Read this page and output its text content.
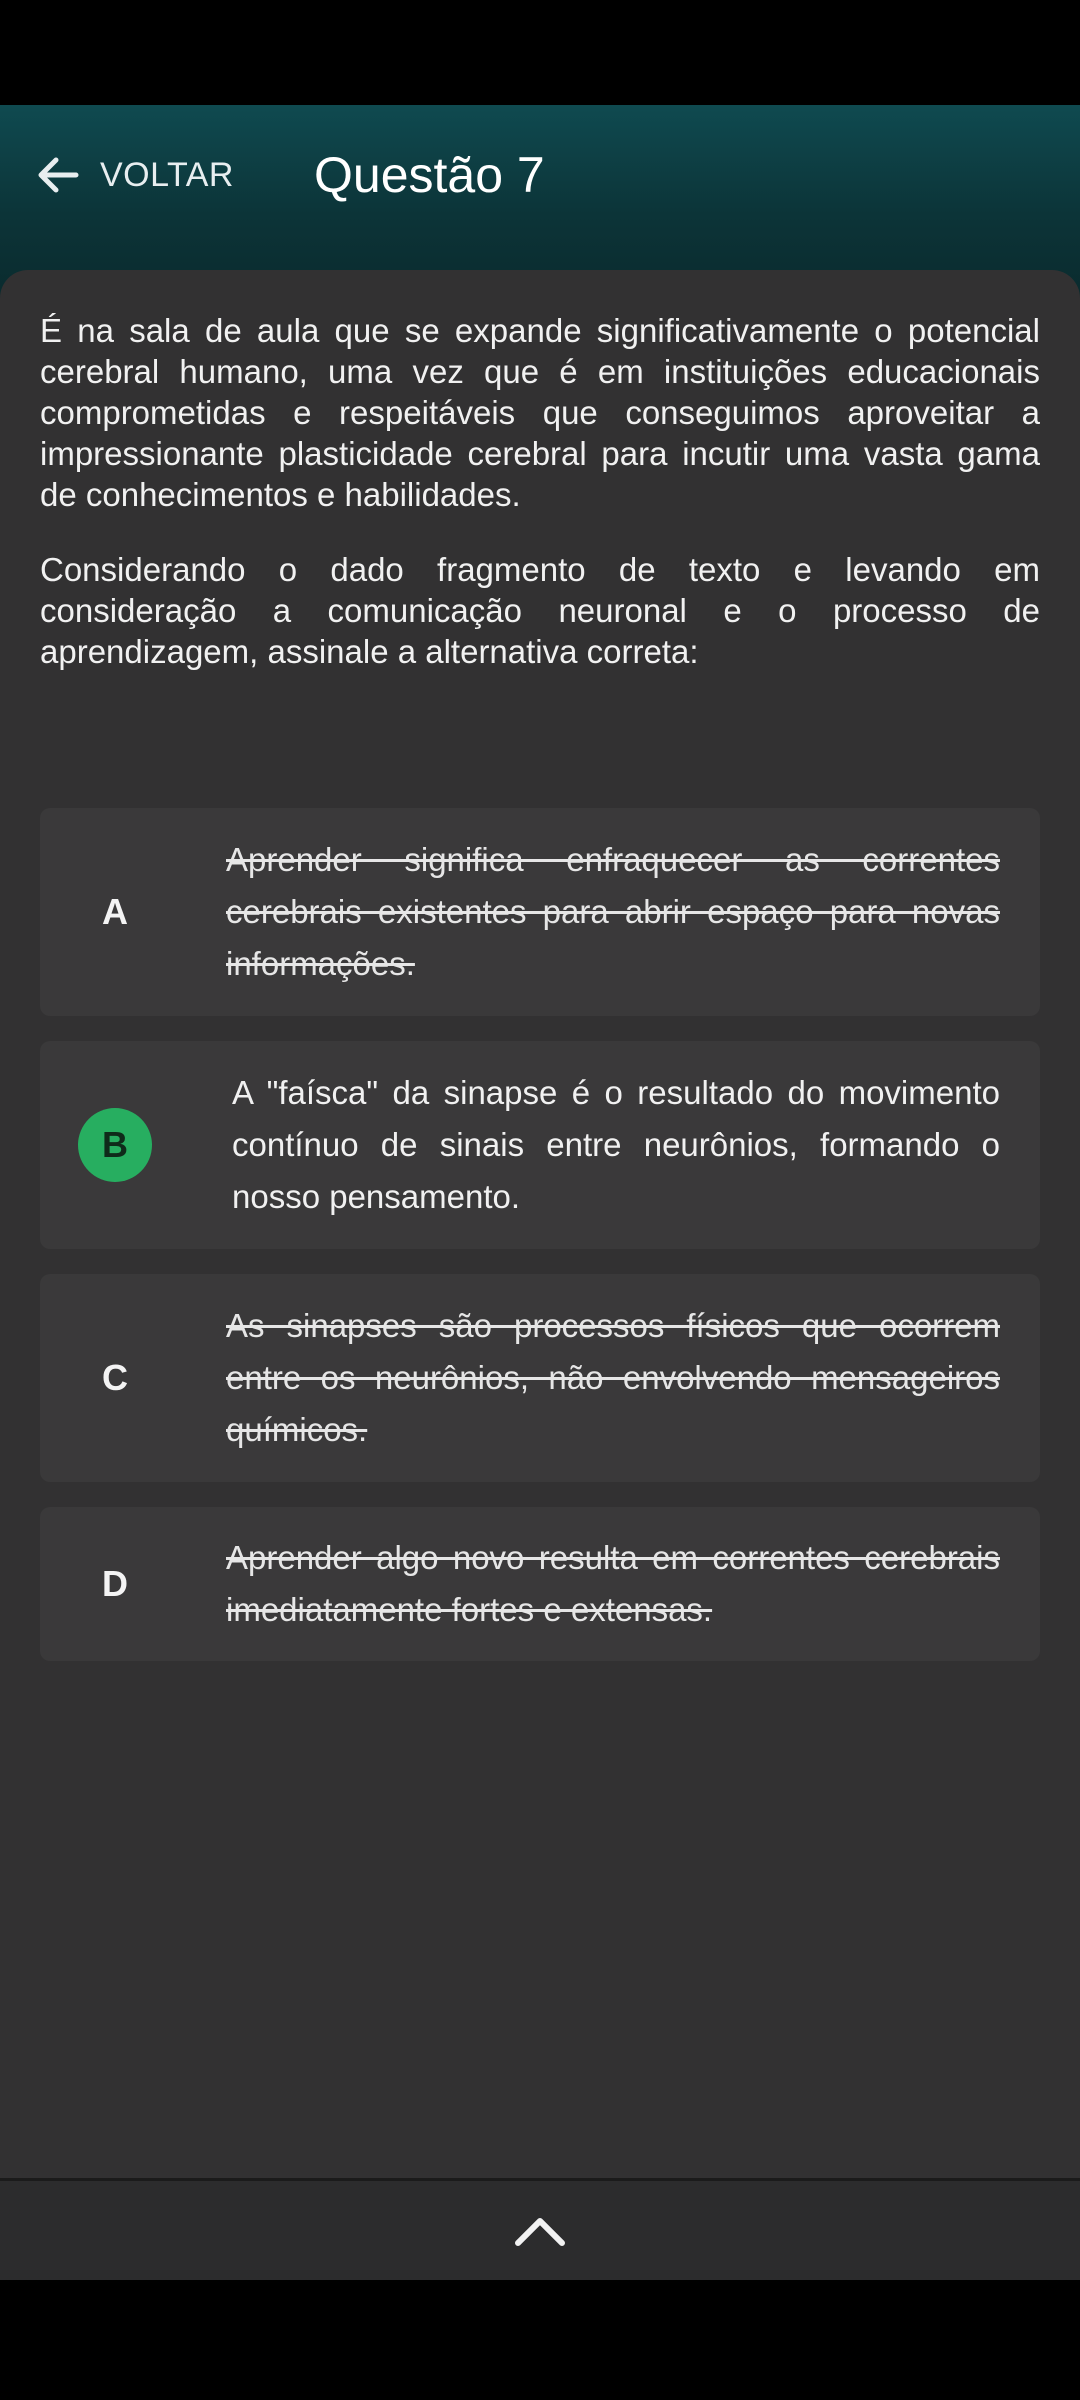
VOLTAR Questão 7

É na sala de aula que se expande significativamente o potencial cerebral humano, uma vez que é em instituições educacionais comprometidas e respeitáveis que conseguimos aproveitar a impressionante plasticidade cerebral para incutir uma vasta gama de conhecimentos e habilidades.

Considerando o dado fragmento de texto e levando em consideração a comunicação neuronal e o processo de aprendizagem, assinale a alternativa correta:

A
Aprender significa enfraquecer as correntes cerebrais existentes para abrir espaço para novas informações.
B
A "faísca" da sinapse é o resultado do movimento contínuo de sinais entre neurônios, formando o nosso pensamento.
C
As sinapses são processos físicos que ocorrem entre os neurônios, não envolvendo mensageiros químicos.
D
Aprender algo novo resulta em correntes cerebrais imediatamente fortes e extensas.
